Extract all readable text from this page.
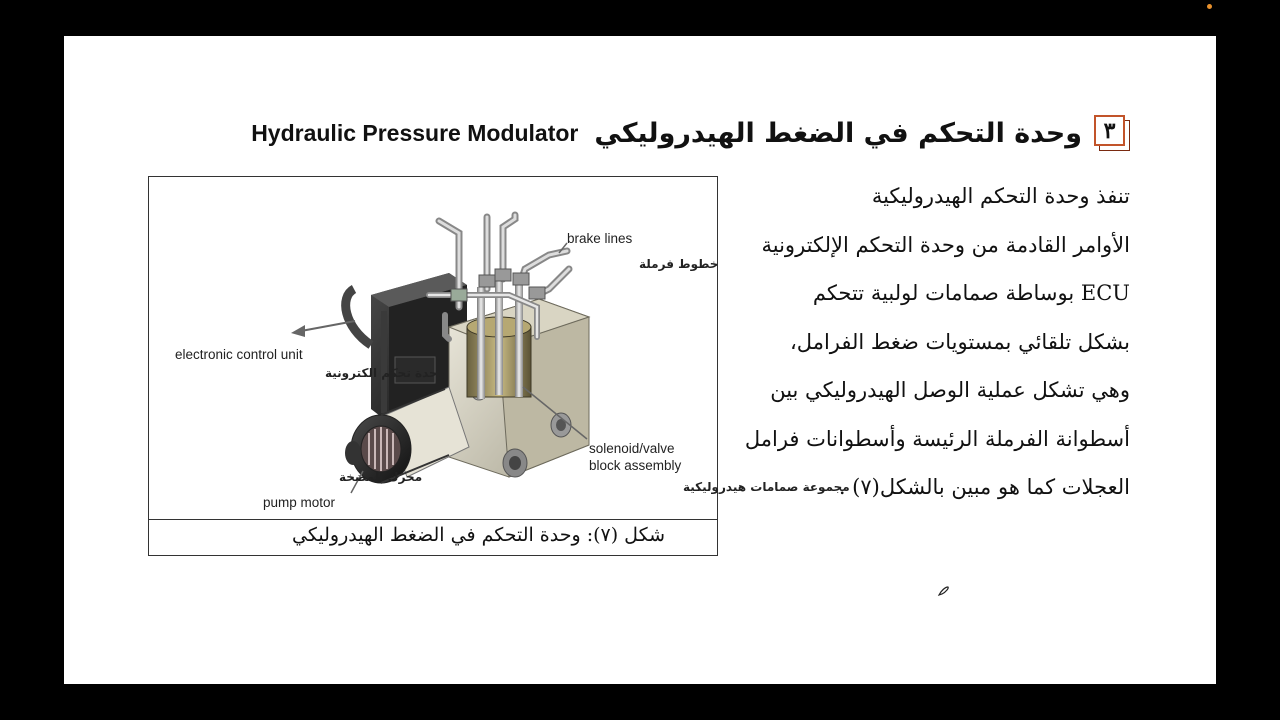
٣
وحدة التحكم في الضغط الهيدروليكي
Hydraulic Pressure Modulator
brake lines
خطوط فرملة
electronic control unit
وحدة تحكم الكترونية
solenoid/valve
block assembly
مجموعة صمامات هيدروليكية
محرك المضخة
pump motor
شكل (٧): وحدة التحكم في الضغط الهيدروليكي
تنفذ وحدة التحكم الهيدروليكية
الأوامر القادمة من وحدة التحكم الإلكترونية
ECU بوساطة صمامات لولبية تتحكم
بشكل تلقائي بمستويات ضغط الفرامل،
وهي تشكل عملية الوصل الهيدروليكي بين
أسطوانة الفرملة الرئيسة وأسطوانات فرامل
العجلات كما هو مبين بالشكل(٧) .
